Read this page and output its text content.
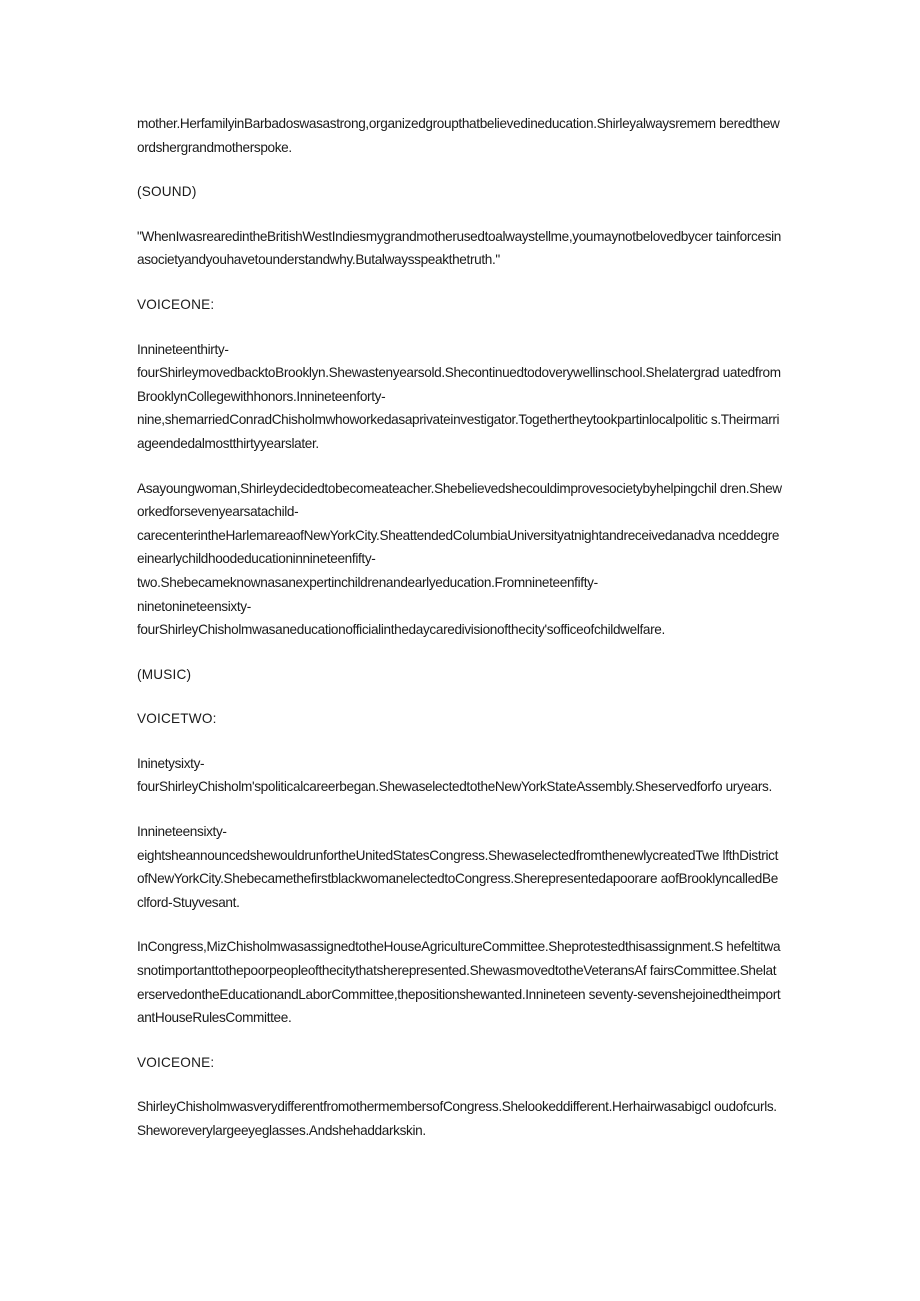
mother.HerfamilyinBarbadoswasastrong,organizedgroupthatbelievedineducation.Shirleyalwaysremem beredthewordshergrandmotherspoke.

(SOUND)

"WhenIwasrearedintheBritishWestIndiesmygrandmotherusedtoalwaystellme,youmaynotbelovedbycer tainforcesinasocietyandyouhavetounderstandwhy.Butalwaysspeakthetruth."

VOICEONE:

Innineteenthirty-
fourShirleymovedbacktoBrooklyn.Shewastenyearsold.Shecontinuedtodoverywellinschool.Shelatergrad uatedfromBrooklynCollegewithhonors.Innineteenforty-
nine,shemarriedConradChisholmwhoworkedasaprivateinvestigator.Togethertheytookpartinlocalpolitic s.Theirmarriageendedalmostthirtyyearslater.

Asayoungwoman,Shirleydecidedtobecomeateacher.Shebelievedshecouldimprovesocietybyhelpingchil dren.Sheworkedforsevenyearsatachild-
carecenterintheHarlemareaofNewYorkCity.SheattendedColumbiaUniversityatnightandreceivedanadva nceddegreeinearlychildhoodeducationinnineteenfifty-
two.Shebecameknownasanexpertinchildrenandearlyeducation.Fromnineteenfifty-
ninetonineteensixty-
fourShirleyChisholmwasaneducationofficialinthedaycaredivisionofthecity'sofficeofchildwelfare.

(MUSIC)

VOICETWO:

Ininetysixty-
fourShirleyChisholm'spoliticalcareerbegan.ShewaselectedtotheNewYorkStateAssembly.Sheservedforfo uryears.

Innineteensixty-
eightsheannouncedshewouldrunfortheUnitedStatesCongress.ShewaselectedfromthenewlycreatedTwe lfthDistrictofNewYorkCity.ShebecamethefirstblackwomanelectedtoCongress.Sherepresentedapoorare aofBrooklyncalledBeclford-Stuyvesant.

InCongress,MizChisholmwasassignedtotheHouseAgricultureCommittee.Sheprotestedthisassignment.S hefeltitwasnotimportanttothepoorpeopleofthecitythatsherepresented.ShewasmovedtotheVeteransAf fairsCommittee.ShelaterservedontheEducationandLaborCommittee,thepositionshewanted.Innineteen seventy-sevenshejoinedtheimportantHouseRulesCommittee.

VOICEONE:

ShirleyChisholmwasverydifferentfromothermembersofCongress.Shelookeddifferent.Herhairwasabigcl oudofcurls.Sheworeverylargeeyeglasses.Andshehaddarkskin.
